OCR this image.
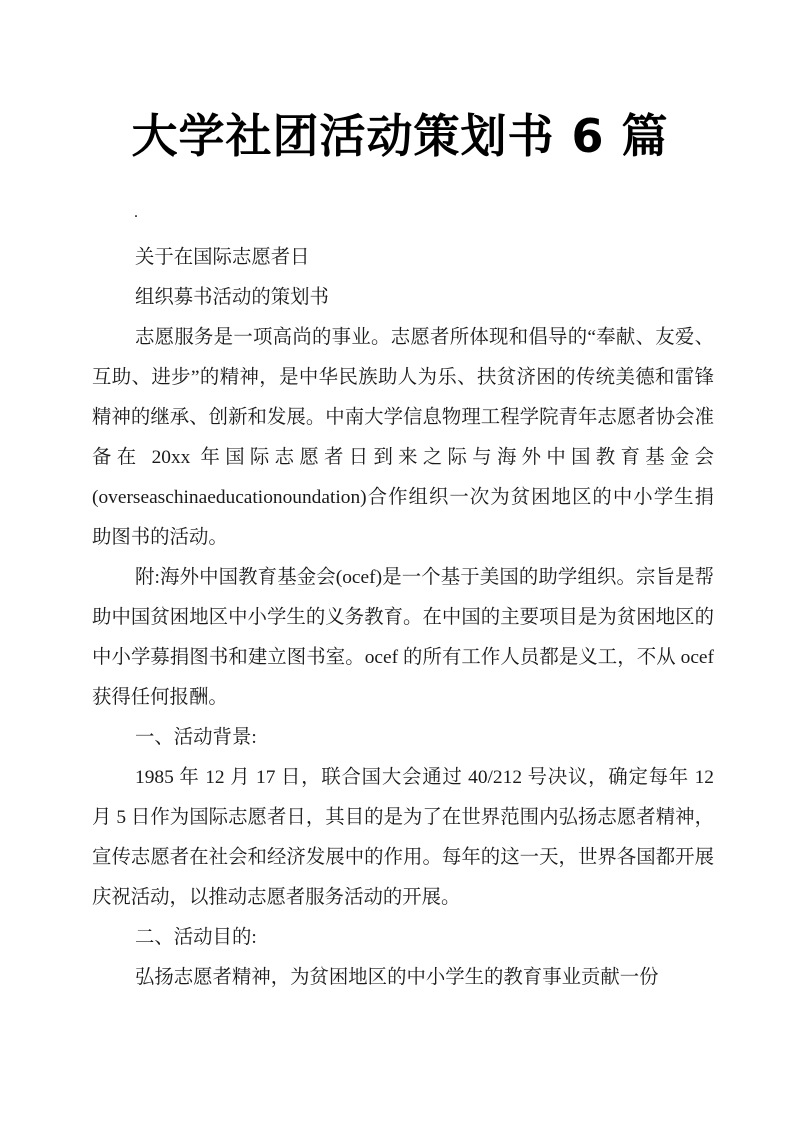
大学社团活动策划书 6 篇
.

关于在国际志愿者日

组织募书活动的策划书

志愿服务是一项高尚的事业。志愿者所体现和倡导的“奉献、友爱、互助、进步”的精神，是中华民族助人为乐、扶贫济困的传统美德和雷锋精神的继承、创新和发展。中南大学信息物理工程学院青年志愿者协会准备在 20xx 年国际志愿者日到来之际与海外中国教育基金会(overseaschinaeducationoundation)合作组织一次为贫困地区的中小学生捐助图书的活动。

附:海外中国教育基金会(ocef)是一个基于美国的助学组织。宗旨是帮助中国贫困地区中小学生的义务教育。在中国的主要项目是为贫困地区的中小学募捐图书和建立图书室。ocef 的所有工作人员都是义工，不从 ocef 获得任何报酬。

一、活动背景:

1985 年 12 月 17 日，联合国大会通过 40/212 号决议，确定每年 12 月 5 日作为国际志愿者日，其目的是为了在世界范围内弘扬志愿者精神，宣传志愿者在社会和经济发展中的作用。每年的这一天，世界各国都开展庆祝活动，以推动志愿者服务活动的开展。

二、活动目的:

弘扬志愿者精神，为贫困地区的中小学生的教育事业贡献一份
